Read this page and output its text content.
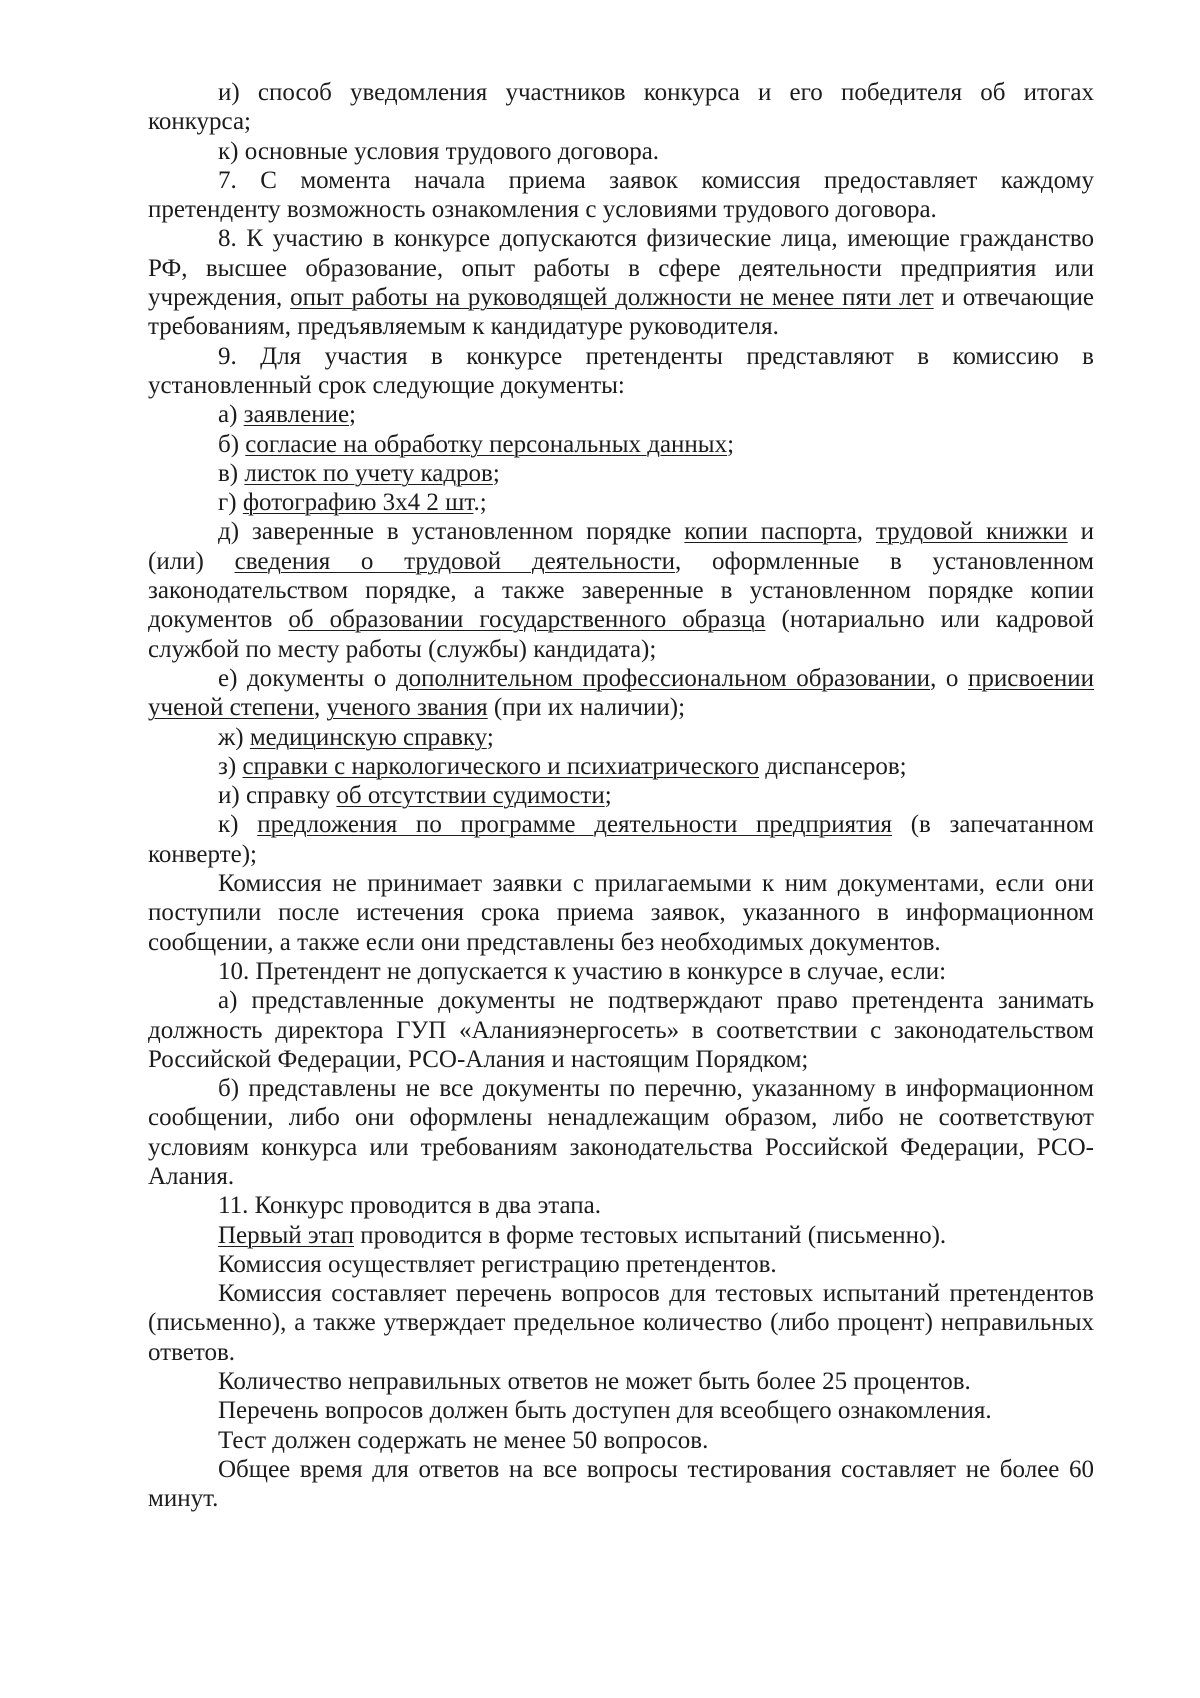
и) способ уведомления участников конкурса и его победителя об итогах конкурса;

к) основные условия трудового договора.

7. С момента начала приема заявок комиссия предоставляет каждому претенденту возможность ознакомления с условиями трудового договора.

8. К участию в конкурсе допускаются физические лица, имеющие гражданство РФ, высшее образование, опыт работы в сфере деятельности предприятия или учреждения, опыт работы на руководящей должности не менее пяти лет и отвечающие требованиям, предъявляемым к кандидатуре руководителя.

9. Для участия в конкурсе претенденты представляют в комиссию в установленный срок следующие документы:

а) заявление;

б) согласие на обработку персональных данных;

в) листок по учету кадров;

г) фотографию 3х4 2 шт.;

д) заверенные в установленном порядке копии паспорта, трудовой книжки и (или) сведения о трудовой деятельности, оформленные в установленном законодательством порядке, а также заверенные в установленном порядке копии документов об образовании государственного образца (нотариально или кадровой службой по месту работы (службы) кандидата);

е) документы о дополнительном профессиональном образовании, о присвоении ученой степени, ученого звания (при их наличии);

ж) медицинскую справку;

з) справки с наркологического и психиатрического диспансеров;

и) справку об отсутствии судимости;

к) предложения по программе деятельности предприятия (в запечатанном конверте);

Комиссия не принимает заявки с прилагаемыми к ним документами, если они поступили после истечения срока приема заявок, указанного в информационном сообщении, а также если они представлены без необходимых документов.

10. Претендент не допускается к участию в конкурсе в случае, если:

а) представленные документы не подтверждают право претендента занимать должность директора ГУП «Аланияэнергосеть» в соответствии с законодательством Российской Федерации, РСО-Алания и настоящим Порядком;

б) представлены не все документы по перечню, указанному в информационном сообщении, либо они оформлены ненадлежащим образом, либо не соответствуют условиям конкурса или требованиям законодательства Российской Федерации, РСО-Алания.

11. Конкурс проводится в два этапа.

Первый этап проводится в форме тестовых испытаний (письменно).

Комиссия осуществляет регистрацию претендентов.

Комиссия составляет перечень вопросов для тестовых испытаний претендентов (письменно), а также утверждает предельное количество (либо процент) неправильных ответов.

Количество неправильных ответов не может быть более 25 процентов.

Перечень вопросов должен быть доступен для всеобщего ознакомления.

Тест должен содержать не менее 50 вопросов.

Общее время для ответов на все вопросы тестирования составляет не более 60 минут.
